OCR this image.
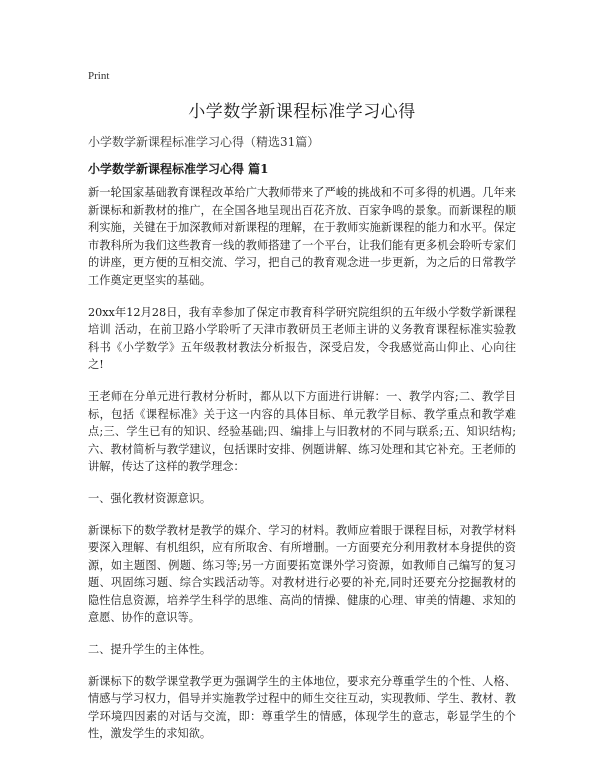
Print
小学数学新课程标准学习心得
小学数学新课程标准学习心得（精选31篇）
小学数学新课程标准学习心得 篇1

新一轮国家基础教育课程改革给广大教师带来了严峻的挑战和不可多得的机遇。几年来新课标和新教材的推广，在全国各地呈现出百花齐放、百家争鸣的景象。而新课程的顺利实施，关键在于加深教师对新课程的理解，在于教师实施新课程的能力和水平。保定市教科所为我们这些教育一线的教师搭建了一个平台，让我们能有更多机会聆听专家们的讲座，更方便的互相交流、学习，把自己的教育观念进一步更新，为之后的日常教学工作奠定更坚实的基础。

20xx年12月28日，我有幸参加了保定市教育科学研究院组织的五年级小学数学新课程培训 活动，在前卫路小学聆听了天津市教研员王老师主讲的义务教育课程标准实验教科书《小学数学》五年级教材教法分析报告，深受启发，令我感觉高山仰止、心向往之!

王老师在分单元进行教材分析时，都从以下方面进行讲解：一、教学内容;二、教学目标，包括《课程标准》关于这一内容的具体目标、单元教学目标、教学重点和教学难点;三、学生已有的知识、经验基础;四、编排上与旧教材的不同与联系;五、知识结构;六、教材简析与教学建议，包括课时安排、例题讲解、练习处理和其它补充。王老师的讲解，传达了这样的教学理念：

一、强化教材资源意识。

新课标下的数学教材是教学的媒介、学习的材料。教师应着眼于课程目标，对教学材料要深入理解、有机组织，应有所取舍、有所增删。一方面要充分利用教材本身提供的资源，如主题图、例题、练习等;另一方面要拓宽课外学习资源，如教师自己编写的复习题、巩固练习题、综合实践活动等。对教材进行必要的补充,同时还要充分挖掘教材的隐性信息资源，培养学生科学的思维、高尚的情操、健康的心理、审美的情趣、求知的意愿、协作的意识等。

二、提升学生的主体性。

新课标下的数学课堂教学更为强调学生的主体地位，要求充分尊重学生的个性、人格、情感与学习权力，倡导并实施教学过程中的师生交往互动，实现教师、学生、教材、教学环境四因素的对话与交流，即：尊重学生的情感，体现学生的意志，彰显学生的个性，激发学生的求知欲。
